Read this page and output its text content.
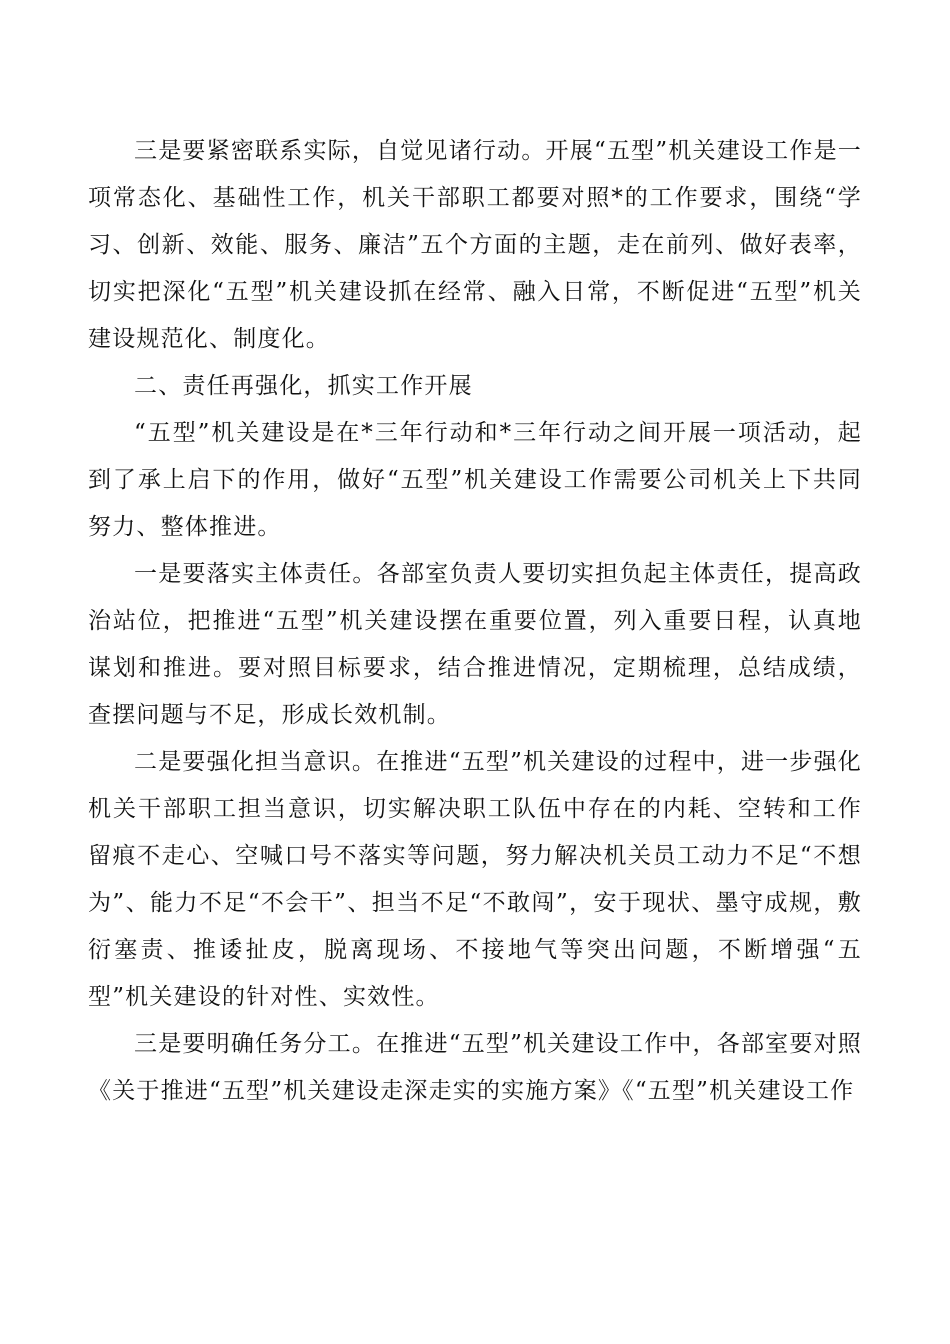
三是要紧密联系实际，自觉见诸行动。开展“五型”机关建设工作是一项常态化、基础性工作，机关干部职工都要对照*的工作要求，围绕“学习、创新、效能、服务、廉洁”五个方面的主题，走在前列、做好表率，切实把深化“五型”机关建设抓在经常、融入日常，不断促进“五型”机关建设规范化、制度化。

二、责任再强化，抓实工作开展

“五型”机关建设是在*三年行动和*三年行动之间开展一项活动，起到了承上启下的作用，做好“五型”机关建设工作需要公司机关上下共同努力、整体推进。

一是要落实主体责任。各部室负责人要切实担负起主体责任，提高政治站位，把推进“五型”机关建设摆在重要位置，列入重要日程，认真地谋划和推进。要对照目标要求，结合推进情况，定期梳理，总结成绩，查摆问题与不足，形成长效机制。

二是要强化担当意识。在推进“五型”机关建设的过程中，进一步强化机关干部职工担当意识，切实解决职工队伍中存在的内耗、空转和工作留痕不走心、空喊口号不落实等问题，努力解决机关员工动力不足“不想为”、能力不足“不会干”、担当不足“不敢闯”，安于现状、墨守成规，敷衍塞责、推诿扯皮，脱离现场、不接地气等突出问题，不断增强“五型”机关建设的针对性、实效性。

三是要明确任务分工。在推进“五型”机关建设工作中，各部室要对照《关于推进“五型”机关建设走深走实的实施方案》《“五型”机关建设工作
